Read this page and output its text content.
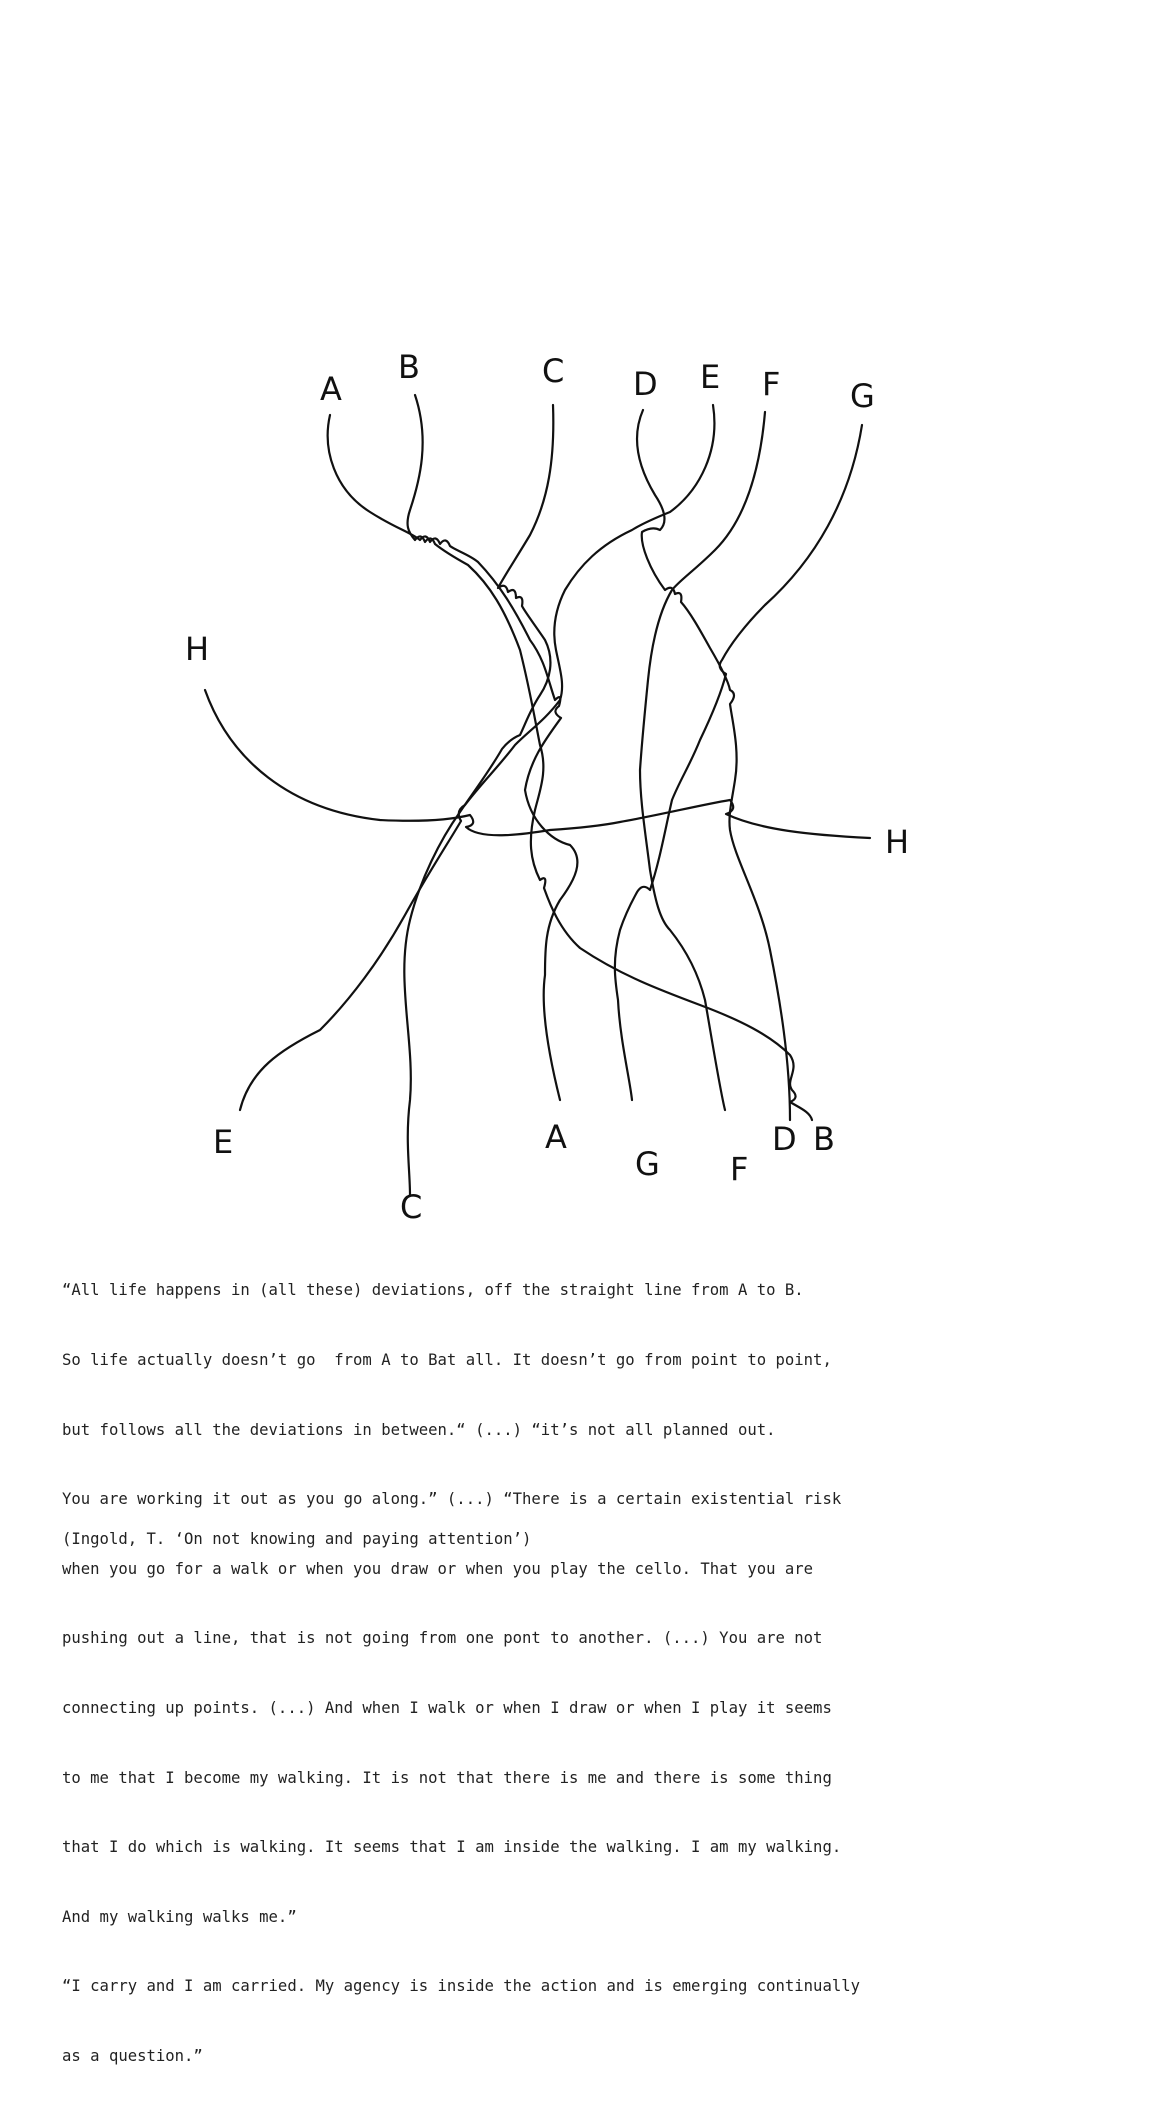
A
B	C D E F G
H
H
E
C
A
G F
D B

“All life happens in (all these) deviations, off the straight line from A to B.

So life actually doesn’t go  from A to Bat all. It doesn’t go from point to point,

but follows all the deviations in between.“ (...) “it’s not all planned out.

You are working it out as you go along.” (...) “There is a certain existential risk

when you go for a walk or when you draw or when you play the cello. That you are

pushing out a line, that is not going from one pont to another. (...) You are not

connecting up points. (...) And when I walk or when I draw or when I play it seems

to me that I become my walking. It is not that there is me and there is some thing

that I do which is walking. It seems that I am inside the walking. I am my walking.

And my walking walks me.”

“I carry and I am carried. My agency is inside the action and is emerging continually

as a question.”

(Ingold, T. ‘On not knowing and paying attention’)
